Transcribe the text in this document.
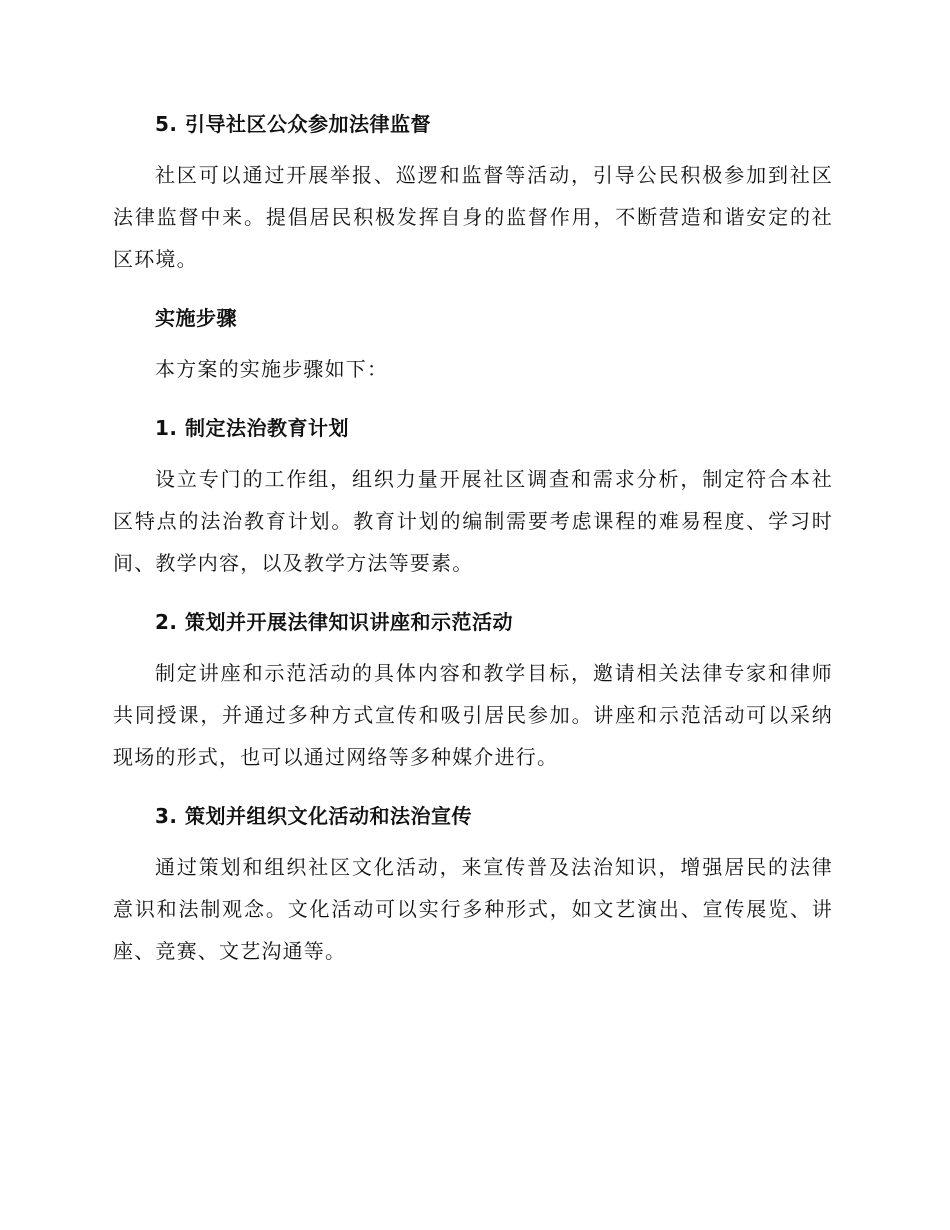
5. 引导社区公众参加法律监督

社区可以通过开展举报、巡逻和监督等活动，引导公民积极参加到社区法律监督中来。提倡居民积极发挥自身的监督作用，不断营造和谐安定的社区环境。

实施步骤

本方案的实施步骤如下：

1. 制定法治教育计划

设立专门的工作组，组织力量开展社区调查和需求分析，制定符合本社区特点的法治教育计划。教育计划的编制需要考虑课程的难易程度、学习时间、教学内容，以及教学方法等要素。

2. 策划并开展法律知识讲座和示范活动

制定讲座和示范活动的具体内容和教学目标，邀请相关法律专家和律师共同授课，并通过多种方式宣传和吸引居民参加。讲座和示范活动可以采纳现场的形式，也可以通过网络等多种媒介进行。

3. 策划并组织文化活动和法治宣传

通过策划和组织社区文化活动，来宣传普及法治知识，增强居民的法律意识和法制观念。文化活动可以实行多种形式，如文艺演出、宣传展览、讲座、竞赛、文艺沟通等。
